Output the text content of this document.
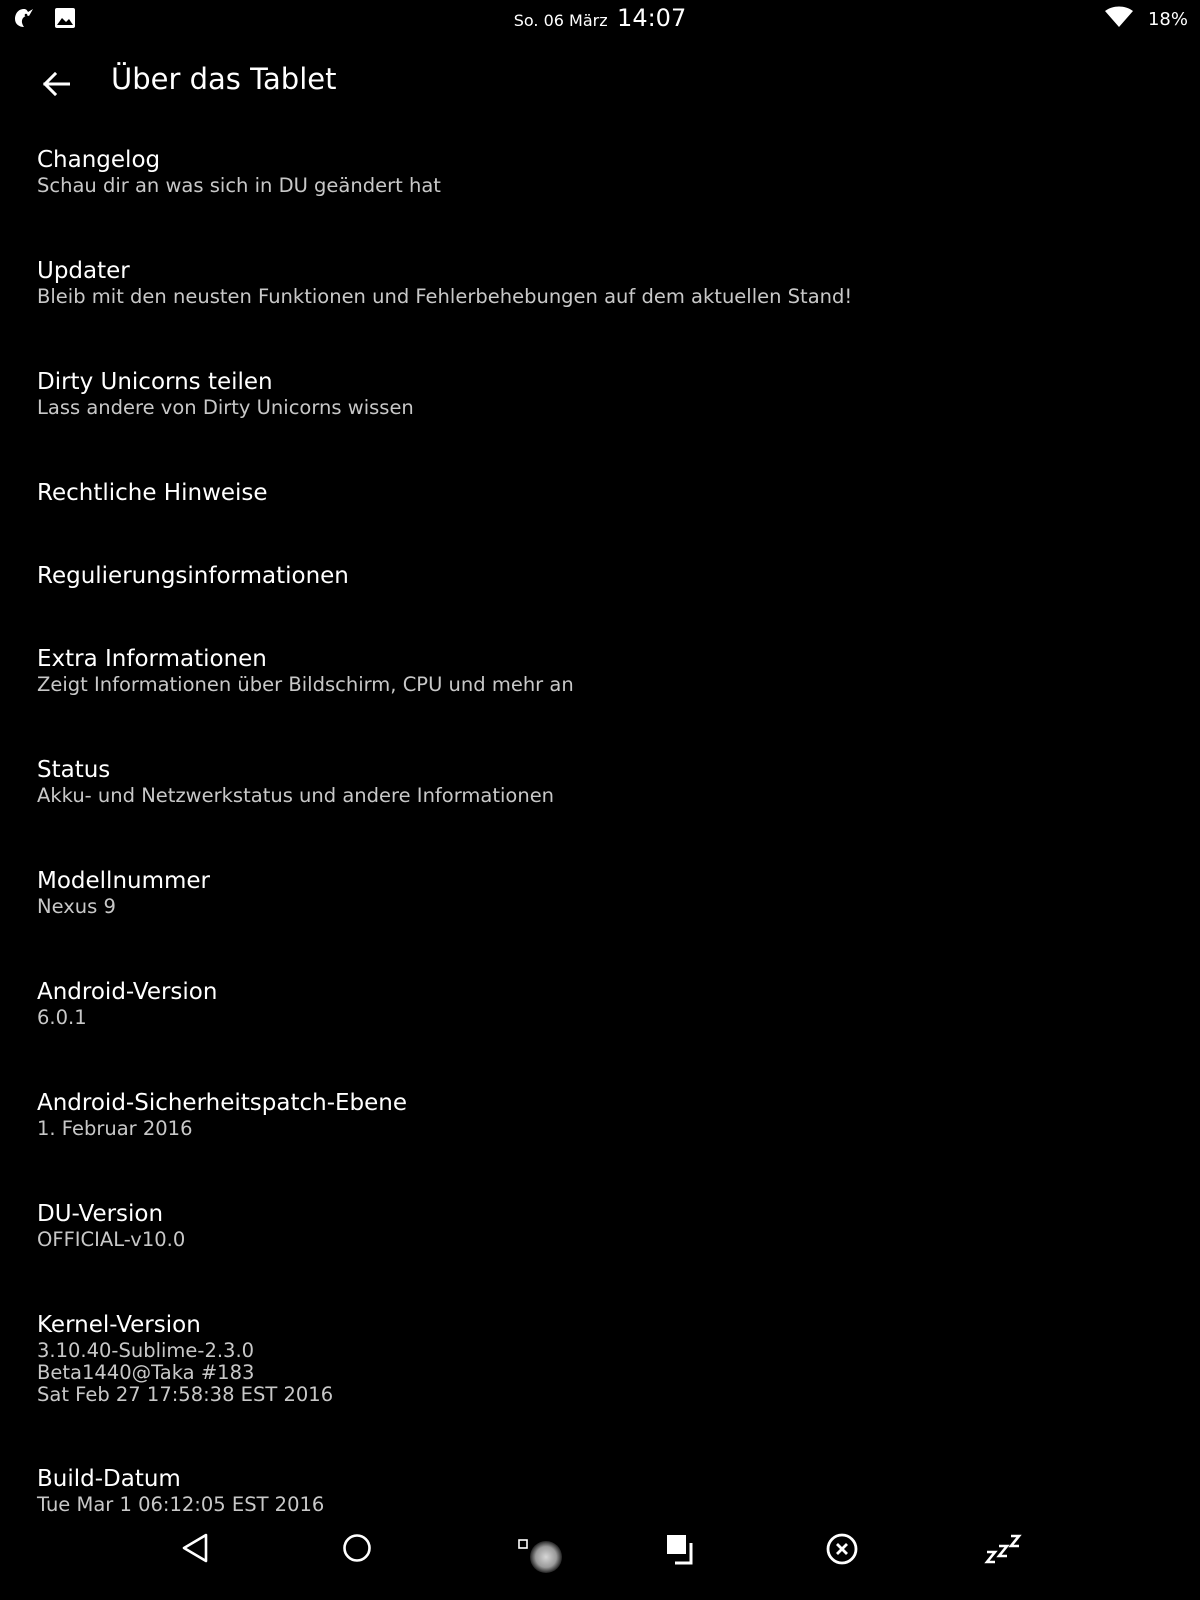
So. 06 März 14:07	18%
Über das Tablet
Changelog
Schau dir an was sich in DU geändert hat
Updater
Bleib mit den neusten Funktionen und Fehlerbehebungen auf dem aktuellen Stand!
Dirty Unicorns teilen
Lass andere von Dirty Unicorns wissen
Rechtliche Hinweise
Regulierungsinformationen
Extra Informationen
Zeigt Informationen über Bildschirm, CPU und mehr an
Status
Akku- und Netzwerkstatus und andere Informationen
Modellnummer
Nexus 9
Android-Version
6.0.1
Android-Sicherheitspatch-Ebene
1. Februar 2016
DU-Version
OFFICIAL-v10.0
Kernel-Version
3.10.40-Sublime-2.3.0
Beta1440@Taka #183
Sat Feb 27 17:58:38 EST 2016
Build-Datum
Tue Mar 1 06:12:05 EST 2016
